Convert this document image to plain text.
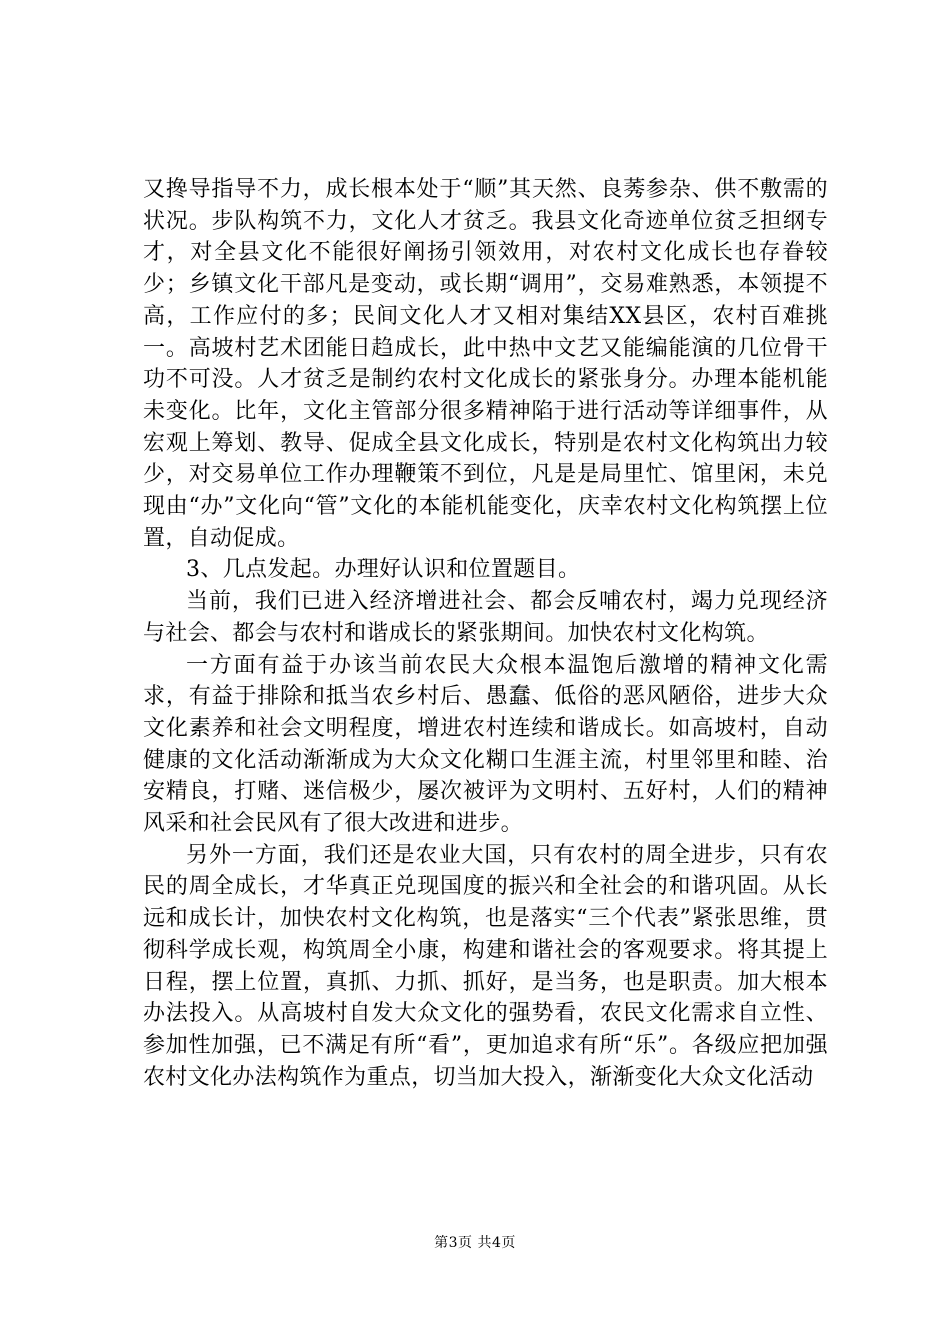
又搀导指导不力，成长根本处于“顺”其天然、良莠参杂、供不敷需的状况。步队构筑不力，文化人才贫乏。我县文化奇迹单位贫乏担纲专才，对全县文化不能很好阐扬引领效用，对农村文化成长也存眷较少；乡镇文化干部凡是变动，或长期“调用”，交易难熟悉，本领提不高，工作应付的多；民间文化人才又相对集结XX县区，农村百难挑一。高坡村艺术团能日趋成长，此中热中文艺又能编能演的几位骨干功不可没。人才贫乏是制约农村文化成长的紧张身分。办理本能机能未变化。比年，文化主管部分很多精神陷于进行活动等详细事件，从宏观上筹划、教导、促成全县文化成长，特别是农村文化构筑出力较少，对交易单位工作办理鞭策不到位，凡是是局里忙、馆里闲，未兑现由“办”文化向“管”文化的本能机能变化，庆幸农村文化构筑摆上位置，自动促成。

3、几点发起。办理好认识和位置题目。

当前，我们已进入经济增进社会、都会反哺农村，竭力兑现经济与社会、都会与农村和谐成长的紧张期间。加快农村文化构筑。

一方面有益于办该当前农民大众根本温饱后激增的精神文化需求，有益于排除和抵当农乡村后、愚蠢、低俗的恶风陋俗，进步大众文化素养和社会文明程度，增进农村连续和谐成长。如高坡村，自动健康的文化活动渐渐成为大众文化糊口生涯主流，村里邻里和睦、治安精良，打赌、迷信极少，屡次被评为文明村、五好村，人们的精神风采和社会民风有了很大改进和进步。

另外一方面，我们还是农业大国，只有农村的周全进步，只有农民的周全成长，才华真正兑现国度的振兴和全社会的和谐巩固。从长远和成长计，加快农村文化构筑，也是落实“三个代表”紧张思维，贯彻科学成长观，构筑周全小康，构建和谐社会的客观要求。将其提上日程，摆上位置，真抓、力抓、抓好，是当务，也是职责。加大根本办法投入。从高坡村自发大众文化的强势看，农民文化需求自立性、参加性加强，已不满足有所“看”，更加追求有所“乐”。各级应把加强农村文化办法构筑作为重点，切当加大投入，渐渐变化大众文化活动

第3页 共4页
